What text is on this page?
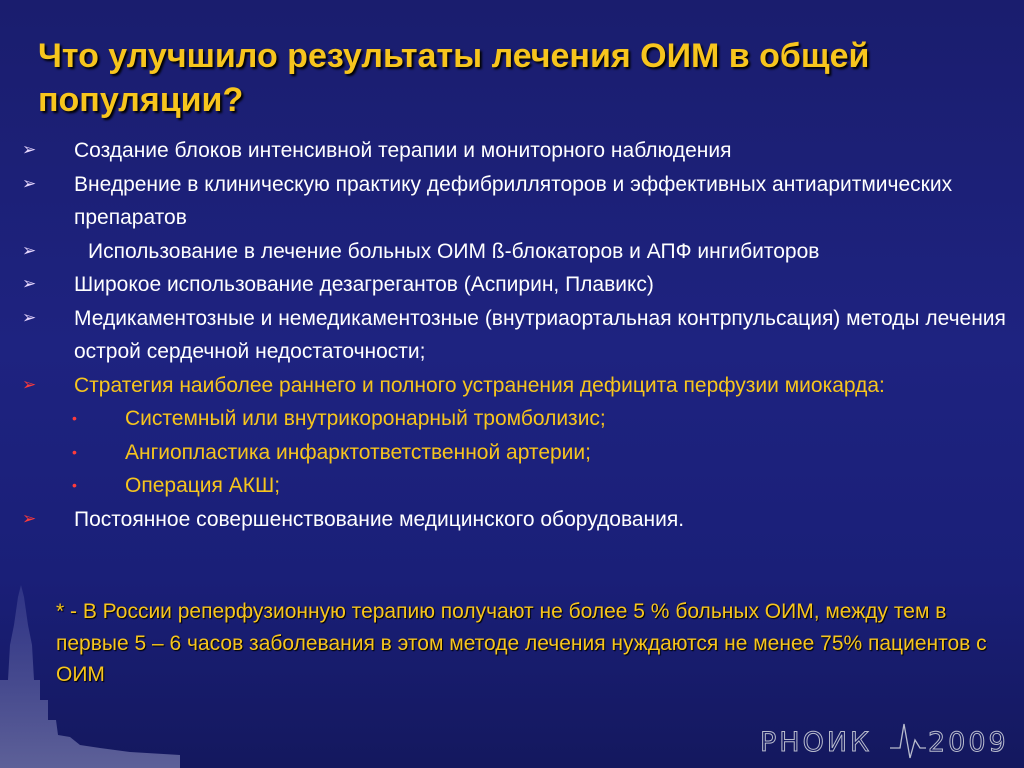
Что улучшило результаты лечения ОИМ в общей популяции?
➢ Создание блоков интенсивной терапии и мониторного наблюдения
➢ Внедрение в клиническую практику дефибрилляторов и эффективных антиаритмических препаратов
➢ Использование в лечение больных ОИМ ß-блокаторов и АПФ ингибиторов
➢ Широкое использование дезагрегантов (Аспирин, Плавикс)
➢ Медикаментозные и немедикаментозные (внутриаортальная контрпульсация) методы лечения острой сердечной недостаточности;
➢ Стратегия наиболее раннего и полного устранения дефицита перфузии миокарда:
• Системный или внутрикоронарный тромболизис;
• Ангиопластика инфарктответственной артерии;
• Операция АКШ;
➢ Постоянное совершенствование медицинского оборудования.
* - В России реперфузионную терапию получают не более 5 % больных ОИМ, между тем в первые 5 – 6 часов заболевания в этом методе лечения нуждаются не менее 75% пациентов с ОИМ
РНОИК 2009
